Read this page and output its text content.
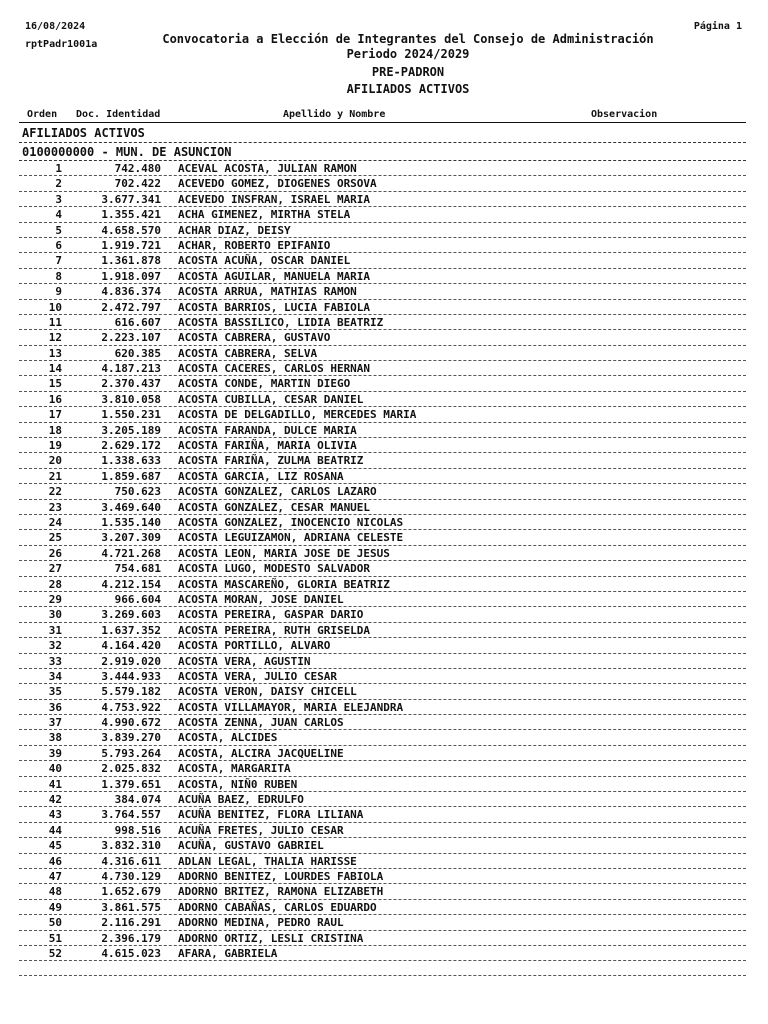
16/08/2024
rptPadr1001a
Página 1
Convocatoria a Elección de Integrantes del Consejo de Administración
Periodo 2024/2029
PRE-PADRON
AFILIADOS ACTIVOS
Orden Doc. Identidad	Apellido y Nombre	Observacion
AFILIADOS ACTIVOS
0100000000 - MUN. DE ASUNCION
1	742.480 ACEVAL ACOSTA, JULIAN RAMON
2	702.422 ACEVEDO GOMEZ, DIOGENES ORSOVA
3	3.677.341 ACEVEDO INSFRAN, ISRAEL MARIA
4	1.355.421 ACHA GIMENEZ, MIRTHA STELA
5	4.658.570 ACHAR DIAZ, DEISY
6	1.919.721 ACHAR, ROBERTO EPIFANIO
7	1.361.878 ACOSTA ACUÑA, OSCAR DANIEL
8	1.918.097 ACOSTA AGUILAR, MANUELA MARIA
9	4.836.374 ACOSTA ARRUA, MATHIAS RAMON
10	2.472.797 ACOSTA BARRIOS, LUCIA FABIOLA
11	616.607 ACOSTA BASSILICO, LIDIA BEATRIZ
12	2.223.107 ACOSTA CABRERA, GUSTAVO
13	620.385 ACOSTA CABRERA, SELVA
14	4.187.213 ACOSTA CACERES, CARLOS HERNAN
15	2.370.437 ACOSTA CONDE, MARTIN DIEGO
16	3.810.058 ACOSTA CUBILLA, CESAR DANIEL
17	1.550.231 ACOSTA DE DELGADILLO, MERCEDES MARIA
18	3.205.189 ACOSTA FARANDA, DULCE MARIA
19	2.629.172 ACOSTA FARIÑA, MARIA OLIVIA
20	1.338.633 ACOSTA FARIÑA, ZULMA BEATRIZ
21	1.859.687 ACOSTA GARCIA, LIZ ROSANA
22	750.623 ACOSTA GONZALEZ, CARLOS LAZARO
23	3.469.640 ACOSTA GONZALEZ, CESAR MANUEL
24	1.535.140 ACOSTA GONZALEZ, INOCENCIO NICOLAS
25	3.207.309 ACOSTA LEGUIZAMON, ADRIANA CELESTE
26	4.721.268 ACOSTA LEON, MARIA JOSE DE JESUS
27	754.681 ACOSTA LUGO, MODESTO SALVADOR
28	4.212.154 ACOSTA MASCAREÑO, GLORIA BEATRIZ
29	966.604 ACOSTA MORAN, JOSE DANIEL
30	3.269.603 ACOSTA PEREIRA, GASPAR DARIO
31	1.637.352 ACOSTA PEREIRA, RUTH GRISELDA
32	4.164.420 ACOSTA PORTILLO, ALVARO
33	2.919.020 ACOSTA VERA, AGUSTIN
34	3.444.933 ACOSTA VERA, JULIO CESAR
35	5.579.182 ACOSTA VERON, DAISY CHICELL
36	4.753.922 ACOSTA VILLAMAYOR, MARIA ELEJANDRA
37	4.990.672 ACOSTA ZENNA, JUAN CARLOS
38	3.839.270 ACOSTA, ALCIDES
39	5.793.264 ACOSTA, ALCIRA JACQUELINE
40	2.025.832 ACOSTA, MARGARITA
41	1.379.651 ACOSTA, NIÑ0 RUBEN
42	384.074 ACUÑA BAEZ, EDRULFO
43	3.764.557 ACUÑA BENITEZ, FLORA LILIANA
44	998.516 ACUÑA FRETES, JULIO CESAR
45	3.832.310 ACUÑA, GUSTAVO GABRIEL
46	4.316.611 ADLAN LEGAL, THALIA HARISSE
47	4.730.129 ADORNO BENITEZ, LOURDES FABIOLA
48	1.652.679 ADORNO BRITEZ, RAMONA ELIZABETH
49	3.861.575 ADORNO CABAÑAS, CARLOS EDUARDO
50	2.116.291 ADORNO MEDINA, PEDRO RAUL
51	2.396.179 ADORNO ORTIZ, LESLI CRISTINA
52	4.615.023 AFARA, GABRIELA
